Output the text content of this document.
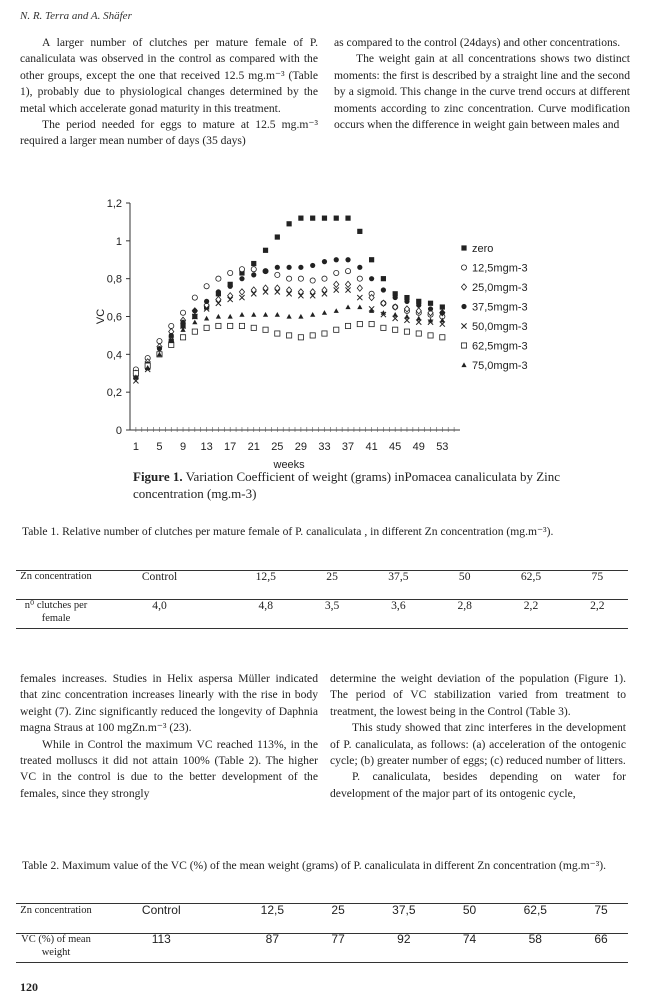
N. R. Terra and A. Shäfer

A larger number of clutches per mature female of P. canaliculata was observed in the control as compared with the other groups, except the one that received 12.5 mg.m⁻³ (Table 1), probably due to physiological changes determined by the metal which accelerate gonad maturity in this treatment.

The period needed for eggs to mature at 12.5 mg.m⁻³ required a larger mean number of days (35 days)

as compared to the control (24days) and other concentrations.

The weight gain at all concentrations shows two distinct moments: the first is described by a straight line and the second by a sigmoid. This change in the curve trend occurs at different moments according to zinc concentration. Curve modification occurs when the difference in weight gain between males and

0
0,2
0,4
0,6
0,8
1
1,2
1 5 9 13 17 21 25 29 33 37 41 45 49 53
VC
weeks
zero
12,5mgm-3
25,0mgm-3
37,5mgm-3
50,0mgm-3
62,5mgm-3
75,0mgm-3
Figure 1. Variation Coefficient of weight (grams) inPomacea canaliculata by Zinc concentration (mg.m-3)
Table 1. Relative number of clutches per mature female of P. canaliculata , in different Zn concentration (mg.m⁻³).
Zn concentration	Control	12,5	25	37,5	50	62,5	75
n⁰ clutches per female	4,0	4,8	3,5	3,6	2,8	2,2	2,2

females increases. Studies in Helix aspersa Müller indicated that zinc concentration increases linearly with the rise in body weight (7). Zinc significantly reduced the longevity of Daphnia magna Straus at 100 mgZn.m⁻³ (23).

While in Control the maximum VC reached 113%, in the treated molluscs it did not attain 100% (Table 2). The higher VC in the control is due to the better development of the females, since they strongly

determine the weight deviation of the population (Figure 1). The period of VC stabilization varied from treatment to treatment, the lowest being in the Control (Table 3).

This study showed that zinc interferes in the development of P. canaliculata, as follows: (a) acceleration of the ontogenic cycle; (b) greater number of eggs; (c) reduced number of litters.

P. canaliculata, besides depending on water for development of the major part of its ontogenic cycle,

Table 2. Maximum value of the VC (%) of the mean weight (grams) of P. canaliculata in different Zn concentration (mg.m⁻³).
Zn concentration	Control	12,5	25	37,5	50	62,5	75
VC (%) of mean weight	113	87	77	92	74	58	66
120
